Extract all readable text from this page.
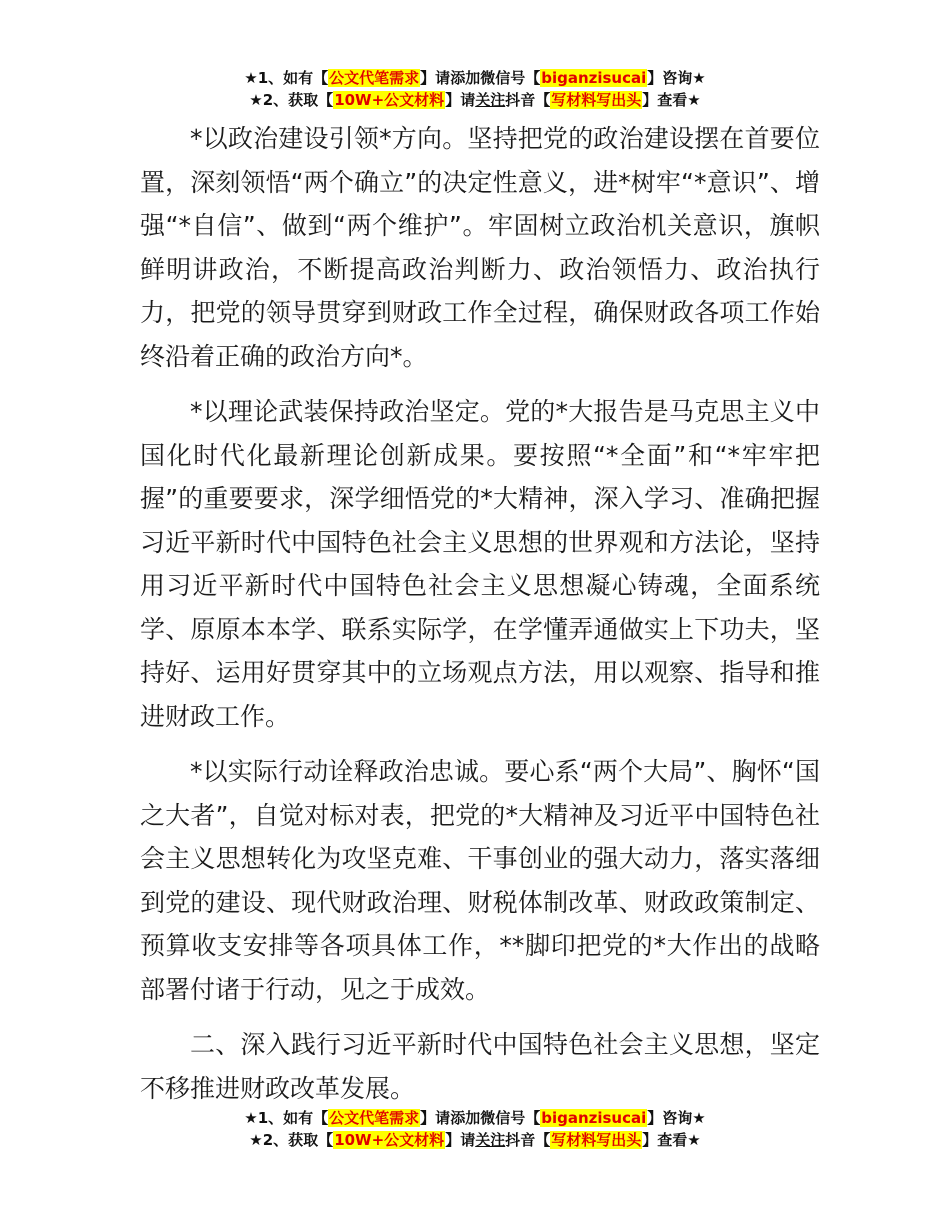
★1、如有【公文代笔需求】请添加微信号【biganzisucai】咨询★
★2、获取【10W+公文材料】请关注抖音【写材料写出头】查看★

*以政治建设引领*方向。坚持把党的政治建设摆在首要位置，深刻领悟“两个确立”的决定性意义，进*树牢“*意识”、增强“*自信”、做到“两个维护”。牢固树立政治机关意识，旗帜鲜明讲政治，不断提高政治判断力、政治领悟力、政治执行力，把党的领导贯穿到财政工作全过程，确保财政各项工作始终沿着正确的政治方向*。

*以理论武装保持政治坚定。党的*大报告是马克思主义中国化时代化最新理论创新成果。要按照“*全面”和“*牢牢把握”的重要要求，深学细悟党的*大精神，深入学习、准确把握习近平新时代中国特色社会主义思想的世界观和方法论，坚持用习近平新时代中国特色社会主义思想凝心铸魂，全面系统学、原原本本学、联系实际学，在学懂弄通做实上下功夫，坚持好、运用好贯穿其中的立场观点方法，用以观察、指导和推进财政工作。

*以实际行动诠释政治忠诚。要心系“两个大局”、胸怀“国之大者”，自觉对标对表，把党的*大精神及习近平中国特色社会主义思想转化为攻坚克难、干事创业的强大动力，落实落细到党的建设、现代财政治理、财税体制改革、财政政策制定、预算收支安排等各项具体工作，**脚印把党的*大作出的战略部署付诸于行动，见之于成效。

二、深入践行习近平新时代中国特色社会主义思想，坚定不移推进财政改革发展。

★1、如有【公文代笔需求】请添加微信号【biganzisucai】咨询★
★2、获取【10W+公文材料】请关注抖音【写材料写出头】查看★
